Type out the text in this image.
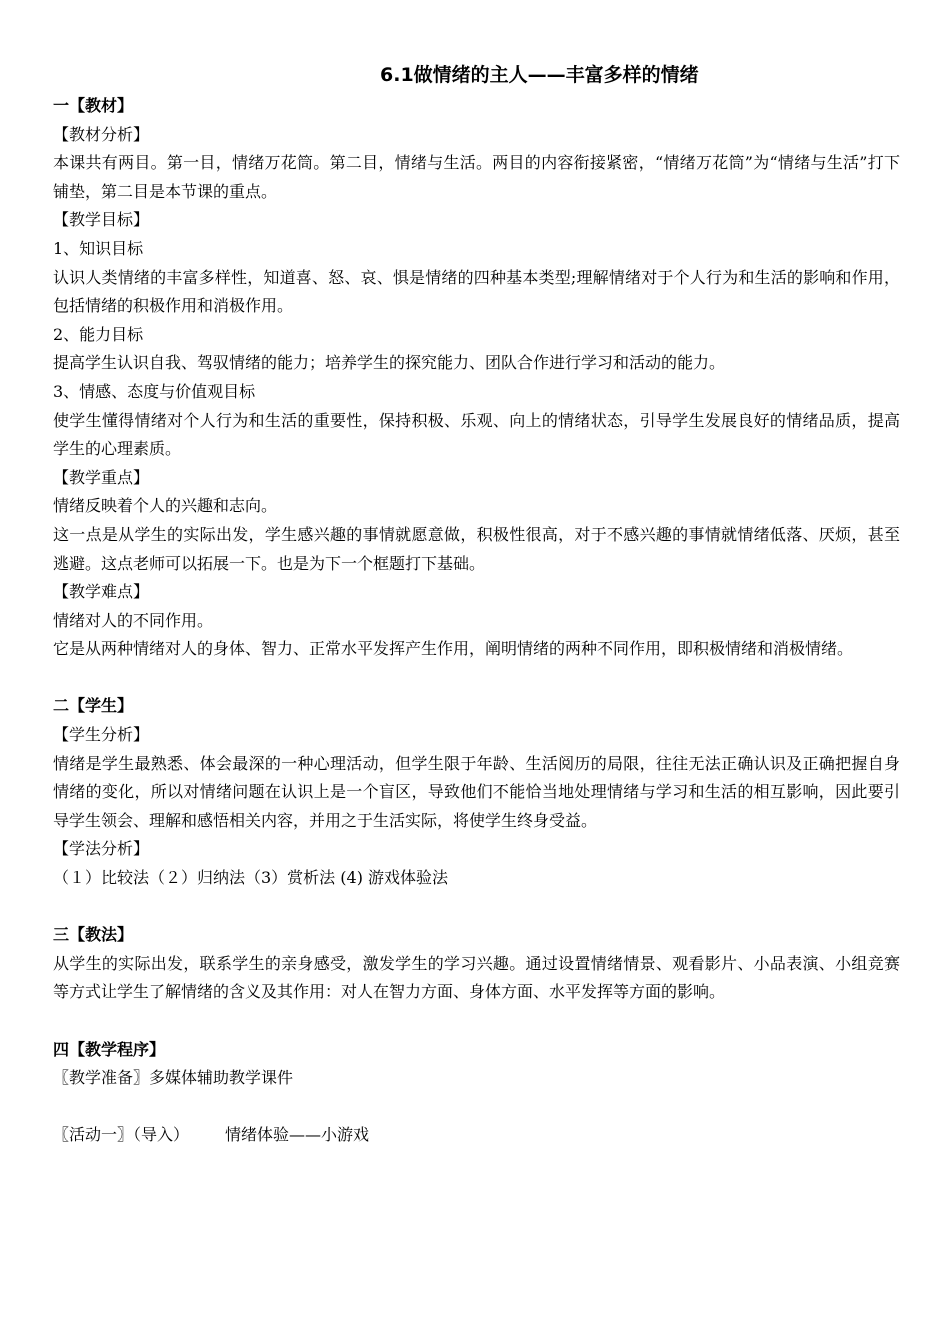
6.1做情绪的主人——丰富多样的情绪
一【教材】
【教材分析】
本课共有两目。第一目，情绪万花筒。第二目，情绪与生活。两目的内容衔接紧密，“情绪万花筒”为“情绪与生活”打下铺垫，第二目是本节课的重点。
【教学目标】
1、知识目标
认识人类情绪的丰富多样性，知道喜、怒、哀、惧是情绪的四种基本类型;理解情绪对于个人行为和生活的影响和作用，包括情绪的积极作用和消极作用。
2、能力目标
提高学生认识自我、驾驭情绪的能力；培养学生的探究能力、团队合作进行学习和活动的能力。
3、情感、态度与价值观目标
使学生懂得情绪对个人行为和生活的重要性，保持积极、乐观、向上的情绪状态，引导学生发展良好的情绪品质，提高学生的心理素质。
【教学重点】
情绪反映着个人的兴趣和志向。
这一点是从学生的实际出发，学生感兴趣的事情就愿意做，积极性很高，对于不感兴趣的事情就情绪低落、厌烦，甚至逃避。这点老师可以拓展一下。也是为下一个框题打下基础。
【教学难点】
情绪对人的不同作用。
它是从两种情绪对人的身体、智力、正常水平发挥产生作用，阐明情绪的两种不同作用，即积极情绪和消极情绪。
二【学生】
【学生分析】
情绪是学生最熟悉、体会最深的一种心理活动，但学生限于年龄、生活阅历的局限，往往无法正确认识及正确把握自身情绪的变化，所以对情绪问题在认识上是一个盲区，导致他们不能恰当地处理情绪与学习和生活的相互影响，因此要引导学生领会、理解和感悟相关内容，并用之于生活实际，将使学生终身受益。
【学法分析】
（１）比较法（２）归纳法（3）赏析法 (4) 游戏体验法
三【教法】
从学生的实际出发，联系学生的亲身感受，激发学生的学习兴趣。通过设置情绪情景、观看影片、小品表演、小组竞赛等方式让学生了解情绪的含义及其作用：对人在智力方面、身体方面、水平发挥等方面的影响。
四【教学程序】
〖教学准备〗多媒体辅助教学课件
〖活动一〗（导入） 情绪体验——小游戏
